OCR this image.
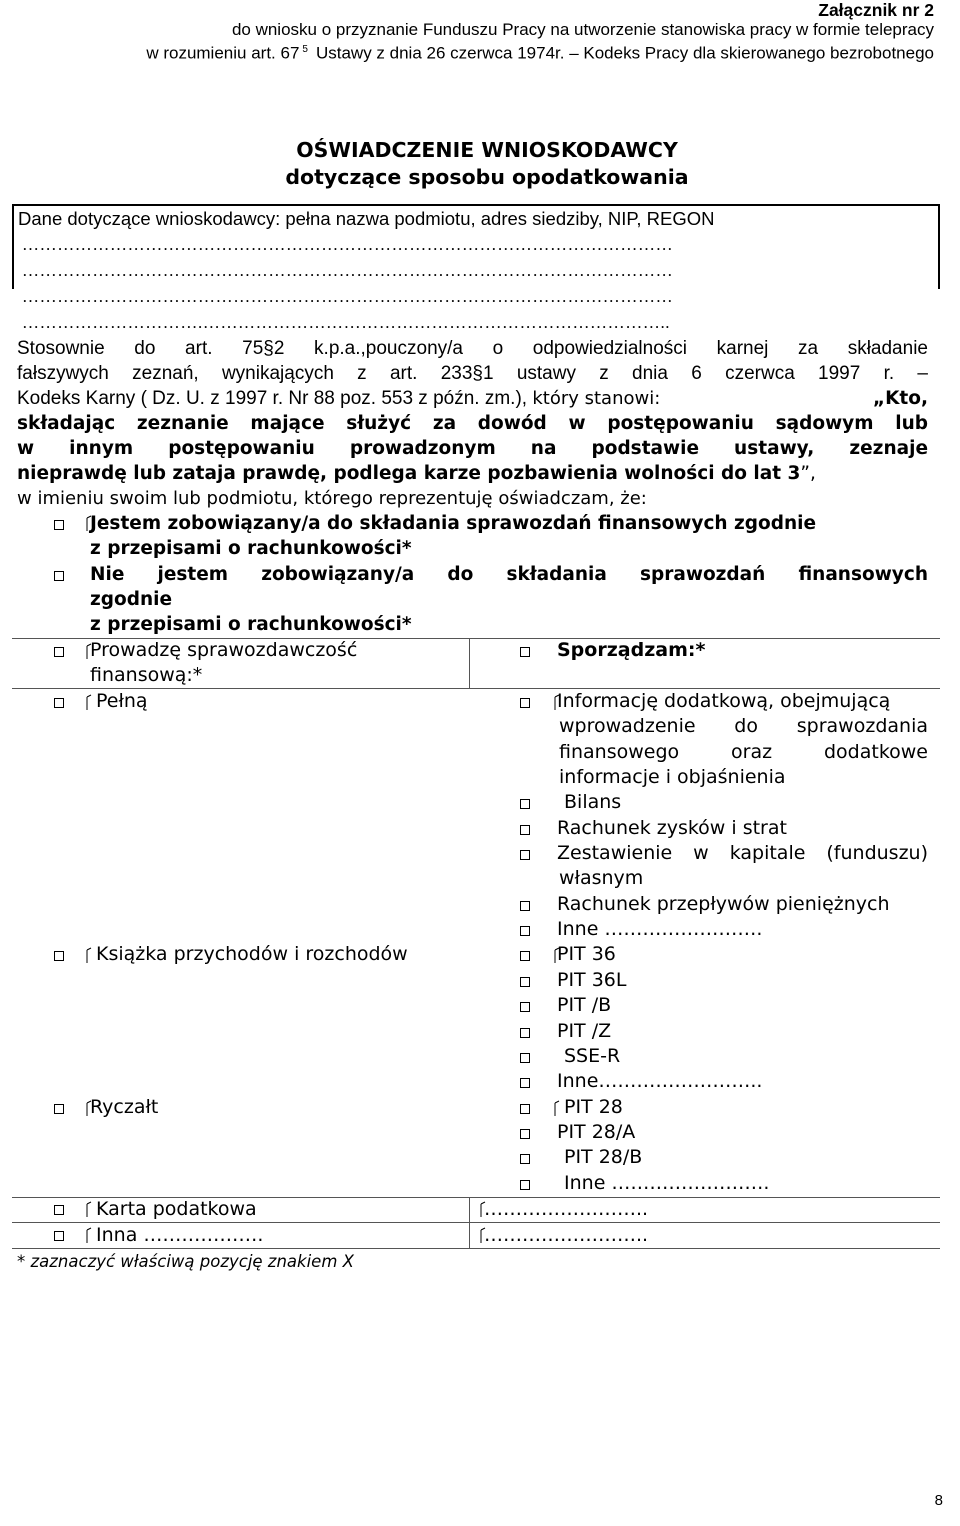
Załącznik nr 2
do wniosku o przyznanie Funduszu Pracy na utworzenie stanowiska pracy w formie telepracy
w rozumieniu art. 67 $^5$ Ustawy z dnia 26 czerwca 1974r. – Kodeks Pracy dla skierowanego bezrobotnego
OŚWIADCZENIE WNIOSKODAWCY
dotyczące sposobu opodatkowania
Dane dotyczące wnioskodawcy: pełna nazwa podmiotu, adres siedziby, NIP, REGON
…………………………………………………………………………………………………
…………………………………………………………………………………………………
…………………………………………………………………………………………………
………………………….……………………………………………………………………..
Stosownie do art. 75§2 k.p.a.,pouczony/a o odpowiedzialności karnej za składanie
fałszywych zeznań, wynikających z art. 233§1 ustawy z dnia 6 czerwca 1997 r. –
Kodeks Karny ( Dz. U. z 1997 r. Nr 88 poz. 553 z późn. zm.), który stanowi:	„Kto,
składając zeznanie mające służyć za dowód w postępowaniu sądowym lub
w innym postępowaniu prowadzonym na podstawie ustawy, zeznaje
nieprawdę lub zataja prawdę, podlega karze pozbawienia wolności do lat 3”,
w imieniu swoim lub podmiotu, którego reprezentuję oświadczam, że:
Jestem zobowiązany/a do składania sprawozdań finansowych zgodnie
z przepisami o rachunkowości*
Nie jestem zobowiązany/a do składania sprawozdań finansowych
zgodnie
z przepisami o rachunkowości*
Prowadzę sprawozdawczość
finansową:*
Pełną
Książka przychodów i rozchodów
Ryczałt
Karta podatkowa
Inna ……………….
Sporządzam:*
Informację dodatkową, obejmującą
wprowadzenie do sprawozdania
finansowego oraz dodatkowe
informacje i objaśnienia
Bilans
Rachunek zysków i strat
Zestawienie w kapitale (funduszu)
własnym
Rachunek przepływów pieniężnych
Inne …………………….
PIT 36
PIT 36L
PIT /B
PIT /Z
SSE-R
Inne……………………..
PIT 28
PIT 28/A
PIT 28/B
Inne …………………….
……………………..
……………………..
* zaznaczyć właściwą pozycję znakiem X
8
